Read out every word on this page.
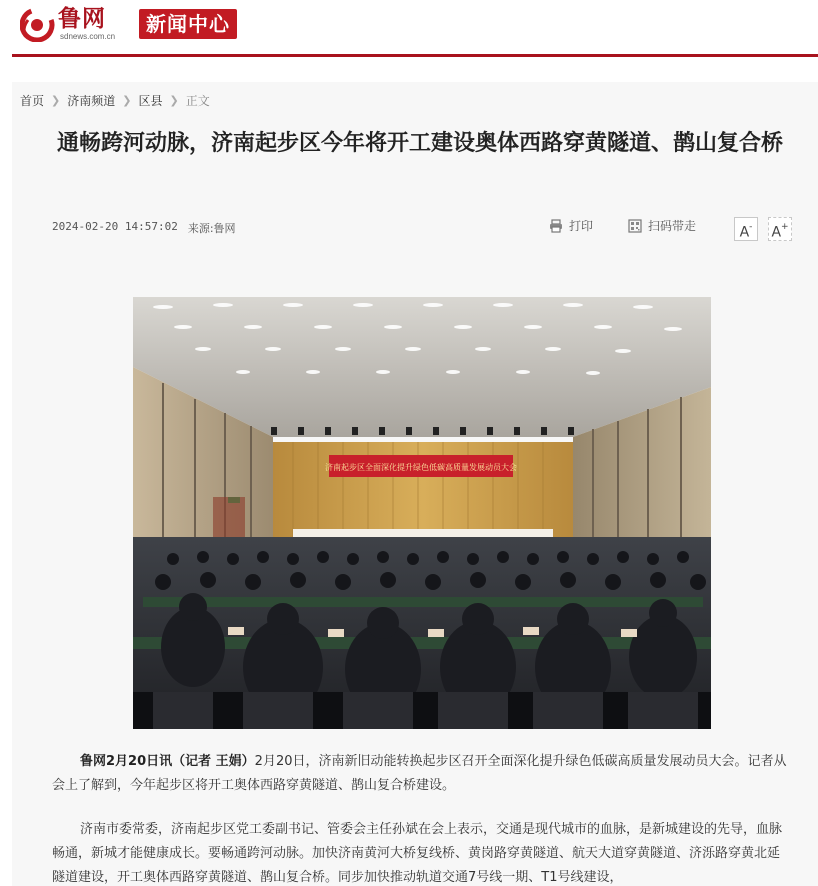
鲁网
sdnews.com.cn
新闻中心
首页 ❯ 济南频道 ❯ 区县 ❯ 正文
通畅跨河动脉，济南起步区今年将开工建设奥体西路穿黄隧道、鹊山复合桥
2024-02-20 14:57:02 来源:鲁网	打印	扫码带走	A-	A+
济南起步区全面深化提升绿色低碳高质量发展动员大会

鲁网2月20日讯（记者 王娟）2月20日，济南新旧动能转换起步区召开全面深化提升绿色低碳高质量发展动员大会。记者从会上了解到，今年起步区将开工奥体西路穿黄隧道、鹊山复合桥建设。

济南市委常委，济南起步区党工委副书记、管委会主任孙斌在会上表示，交通是现代城市的血脉，是新城建设的先导，血脉畅通，新城才能健康成长。要畅通跨河动脉。加快济南黄河大桥复线桥、黄岗路穿黄隧道、航天大道穿黄隧道、济泺路穿黄北延隧道建设，开工奥体西路穿黄隧道、鹊山复合桥。同步加快推动轨道交通7号线一期、T1号线建设，
